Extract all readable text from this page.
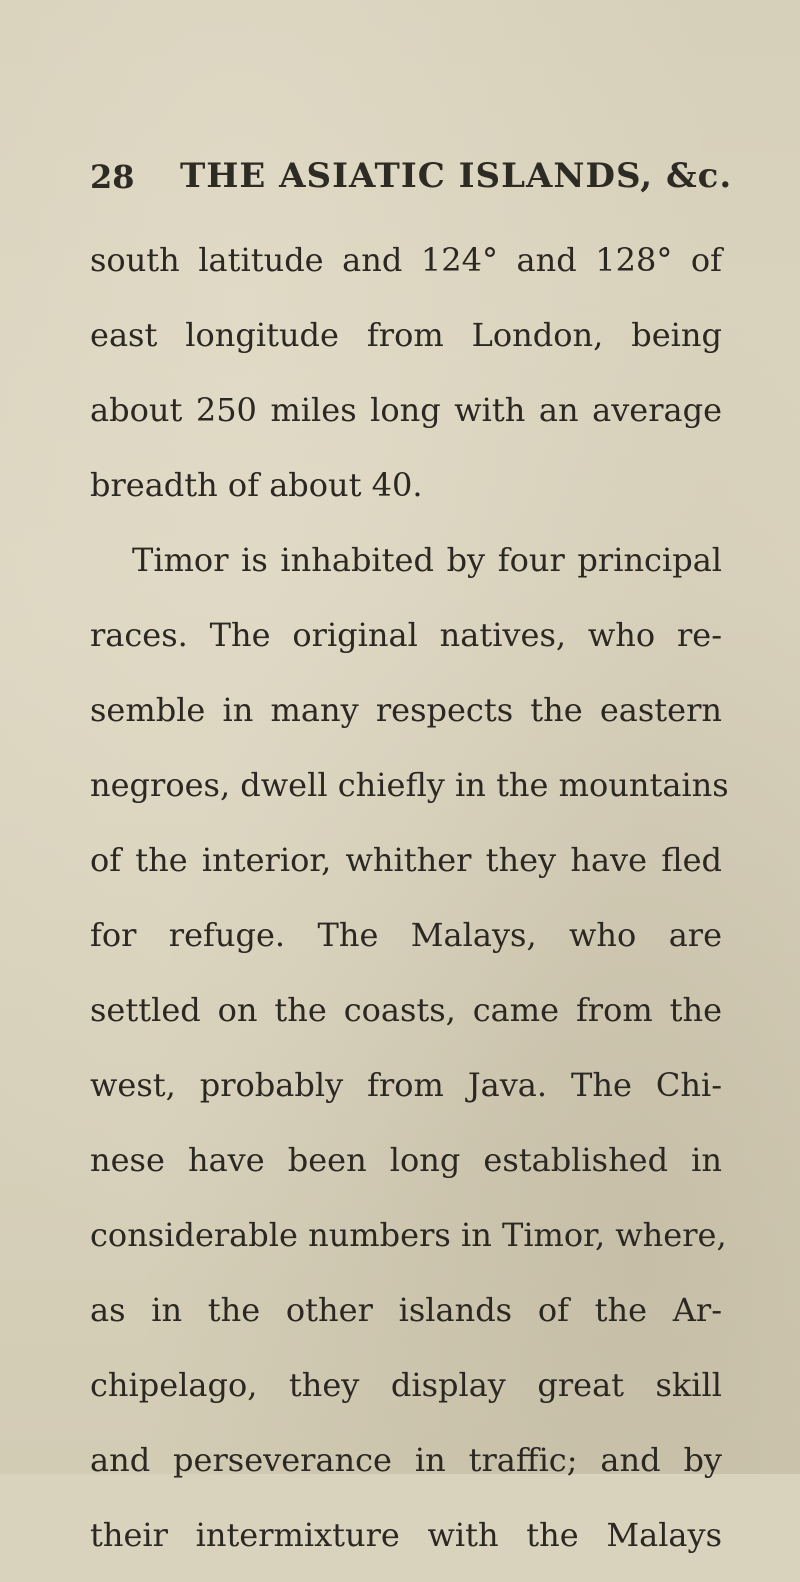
28 THE ASIATIC ISLANDS, &c.
south latitude and 124° and 128° of
east longitude from London, being
about 250 miles long with an average
breadth of about 40.
Timor is inhabited by four principal
races. The original natives, who re-
semble in many respects the eastern
negroes, dwell chiefly in the mountains
of the interior, whither they have fled
for refuge. The Malays, who are
settled on the coasts, came from the
west, probably from Java. The Chi-
nese have been long established in
considerable numbers in Timor, where,
as in the other islands of the Ar-
chipelago, they display great skill
and perseverance in traffic; and by
their intermixture with the Malays
